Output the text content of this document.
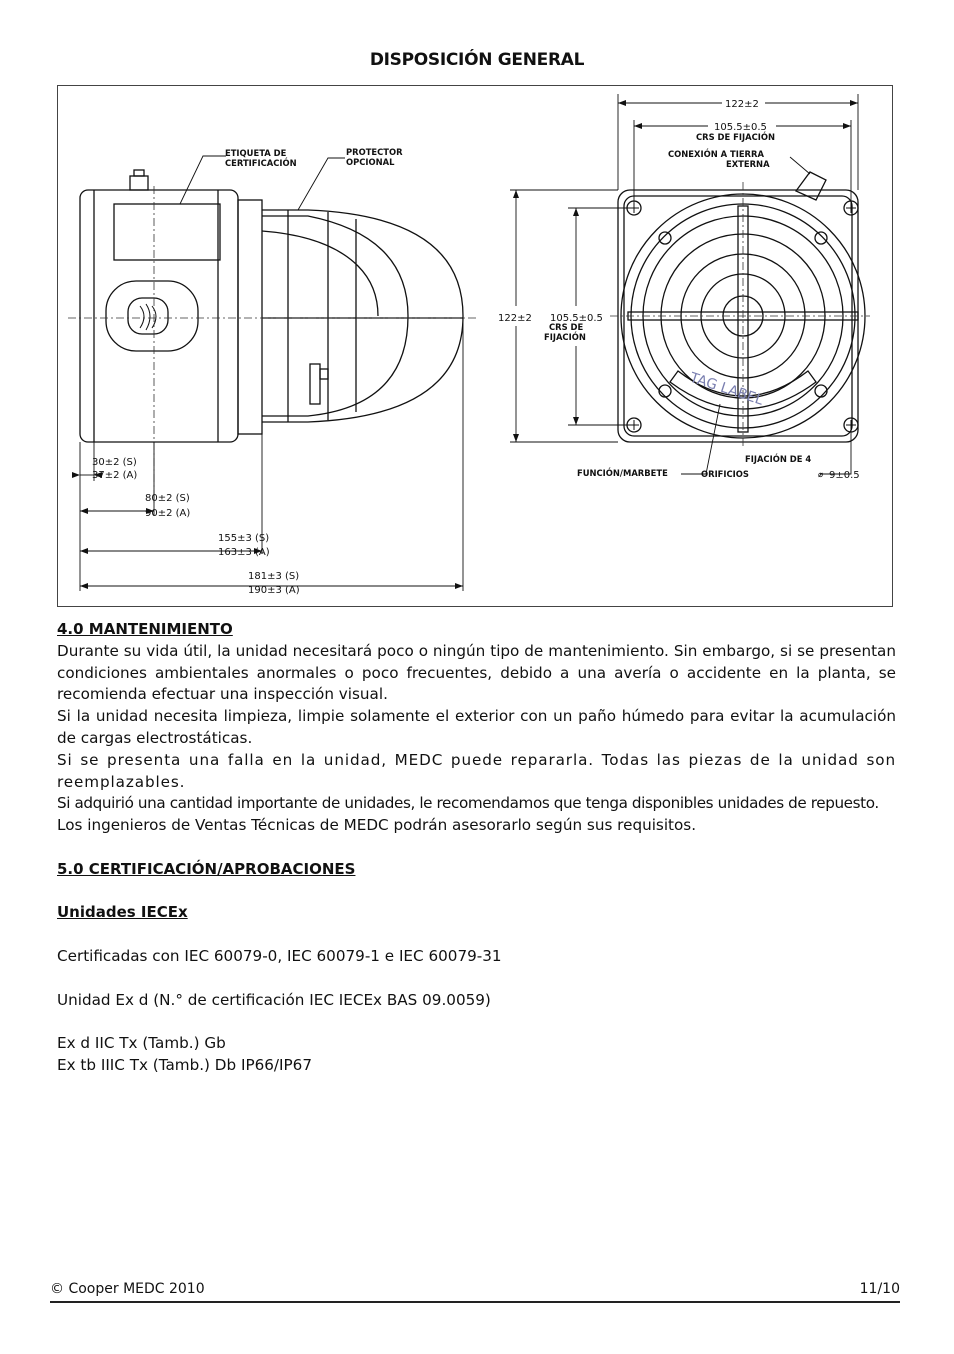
DISPOSICIÓN GENERAL
ETIQUETA DE
CERTIFICACIÓN
PROTECTOR
OPCIONAL
CRS DE FIJACIÓN
CONEXIÓN A TIERRA
EXTERNA
CRS DE
FIJACIÓN
FUNCIÓN/MARBETE
FIJACIÓN DE 4
ORIFICIOS
TAG LABEL
122±2
105.5±0.5
122±2 105.5±0.5
⌀ 9±0.5
30±2 (S)
37±2 (A)
80±2 (S)
90±2 (A)
155±3 (S)
163±3 (A)
181±3 (S)
190±3 (A)

4.0 MANTENIMIENTO

Durante su vida útil, la unidad necesitará poco o ningún tipo de mantenimiento. Sin embargo, si se presentan condiciones ambientales anormales o poco frecuentes, debido a una avería o accidente en la planta, se recomienda efectuar una inspección visual.

Si la unidad necesita limpieza, limpie solamente el exterior con un paño húmedo para evitar la acumulación de cargas electrostáticas.

Si se presenta una falla en la unidad, MEDC puede repararla. Todas las piezas de la unidad son reemplazables.

Si adquirió una cantidad importante de unidades, le recomendamos que tenga disponibles unidades de repuesto.

Los ingenieros de Ventas Técnicas de MEDC podrán asesorarlo según sus requisitos.

5.0 CERTIFICACIÓN/APROBACIONES

Unidades IECEx

Certificadas con IEC 60079-0, IEC 60079-1 e IEC 60079-31

Unidad Ex d (N.° de certificación IEC IECEx BAS 09.0059)

Ex d IIC Tx (Tamb.) Gb

Ex tb IIIC Tx (Tamb.) Db IP66/IP67

© Cooper MEDC 2010	11/10
